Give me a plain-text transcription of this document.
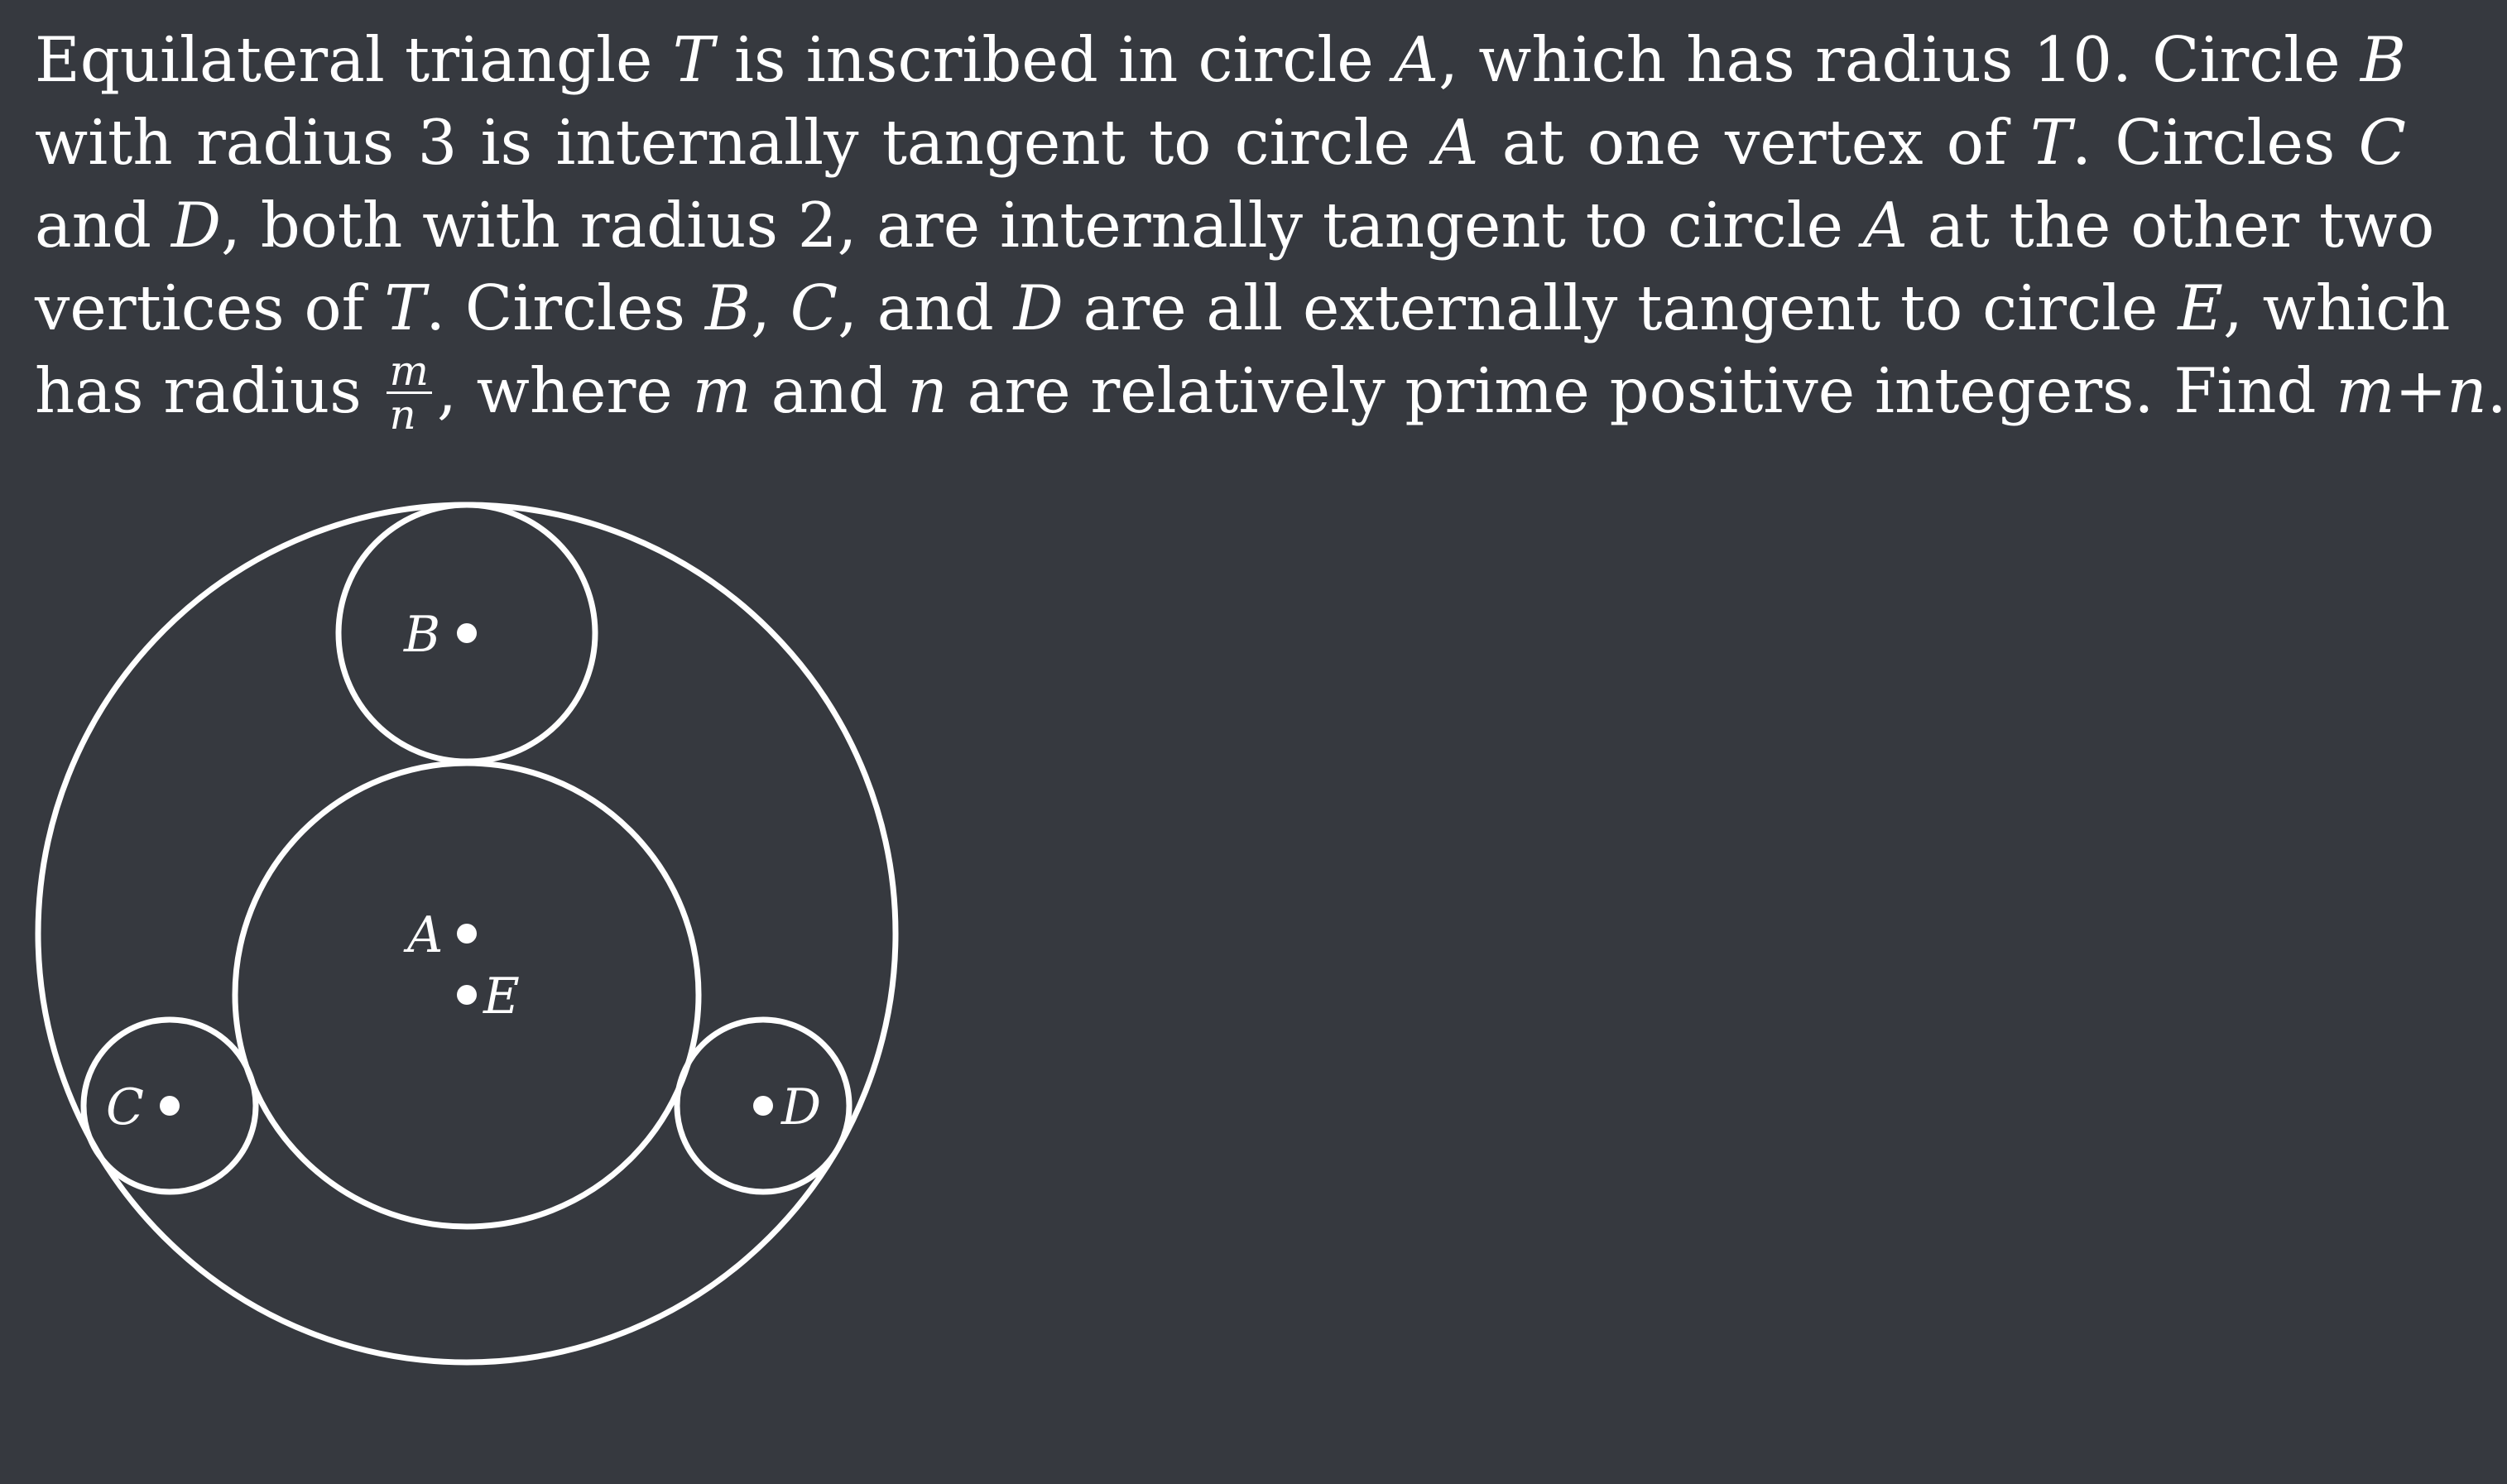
Equilateral triangle T is inscribed in circle A, which has radius 10. Circle B
with radius 3 is internally tangent to circle A at one vertex of T. Circles C
and D, both with radius 2, are internally tangent to circle A at the other two
vertices of T. Circles B, C, and D are all externally tangent to circle E, which
has radius $\frac{m}{n}$ , where m and n are relatively prime positive integers. Find m+n.
B
A
E
C	D
